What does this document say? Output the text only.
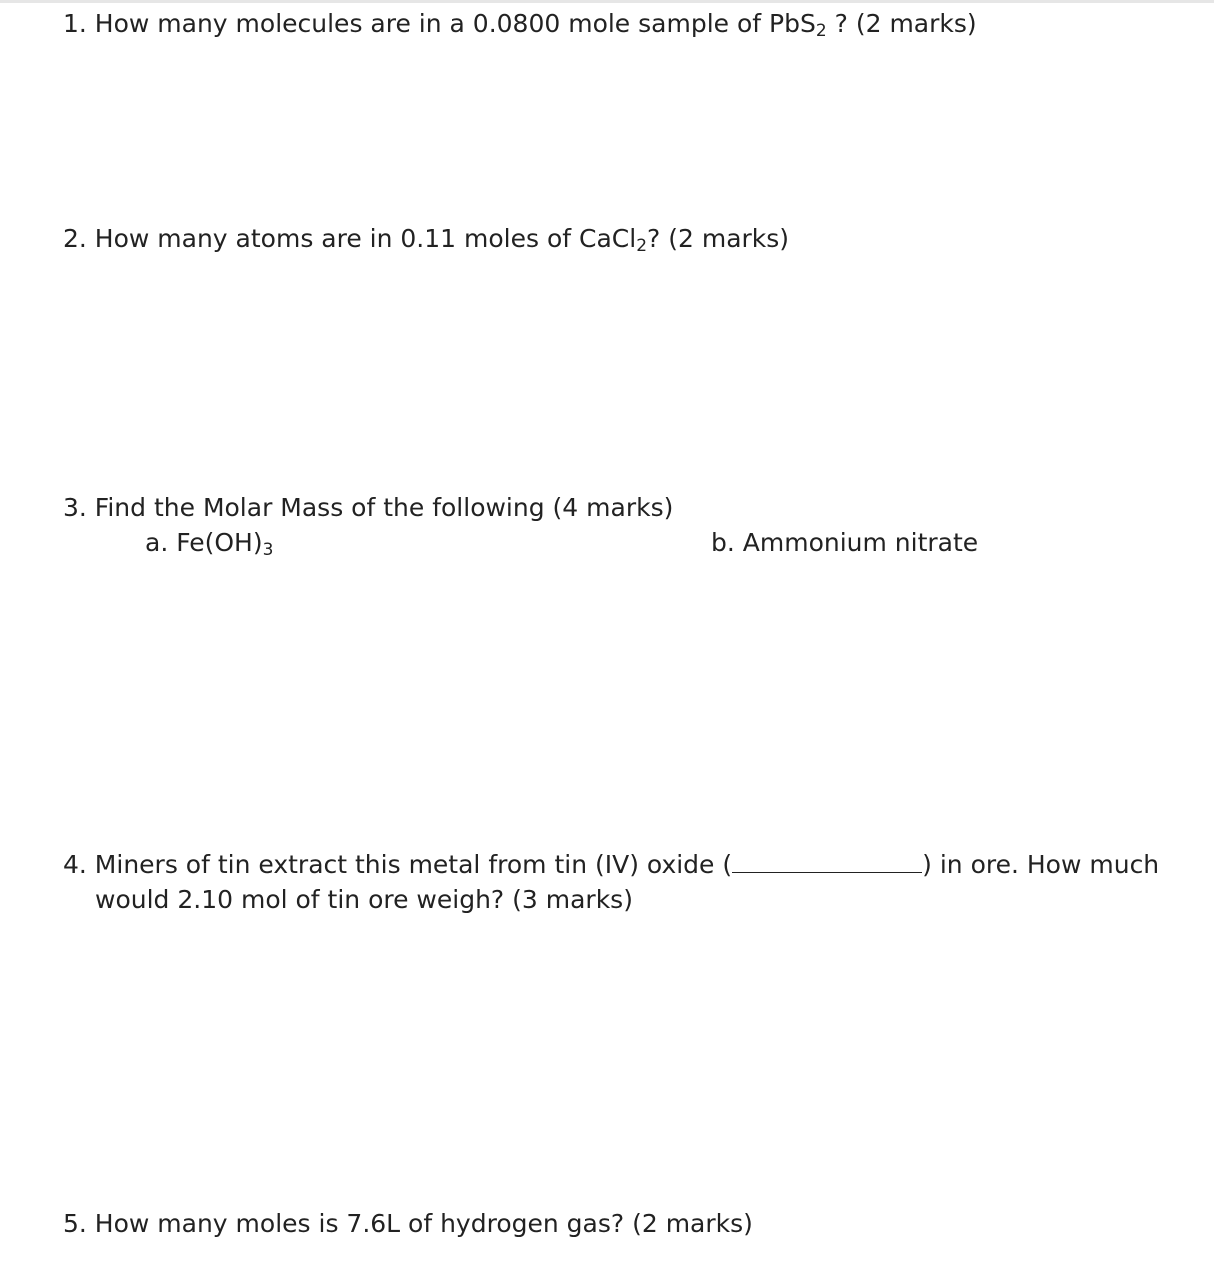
1. How many molecules are in a 0.0800 mole sample of PbS2 ? (2 marks)
2. How many atoms are in 0.11 moles of CaCl2? (2 marks)
3. Find the Molar Mass of the following (4 marks)
a. Fe(OH)3	b. Ammonium nitrate
4. Miners of tin extract this metal from tin (IV) oxide (	) in ore. How much
would 2.10 mol of tin ore weigh? (3 marks)
5. How many moles is 7.6L of hydrogen gas? (2 marks)
